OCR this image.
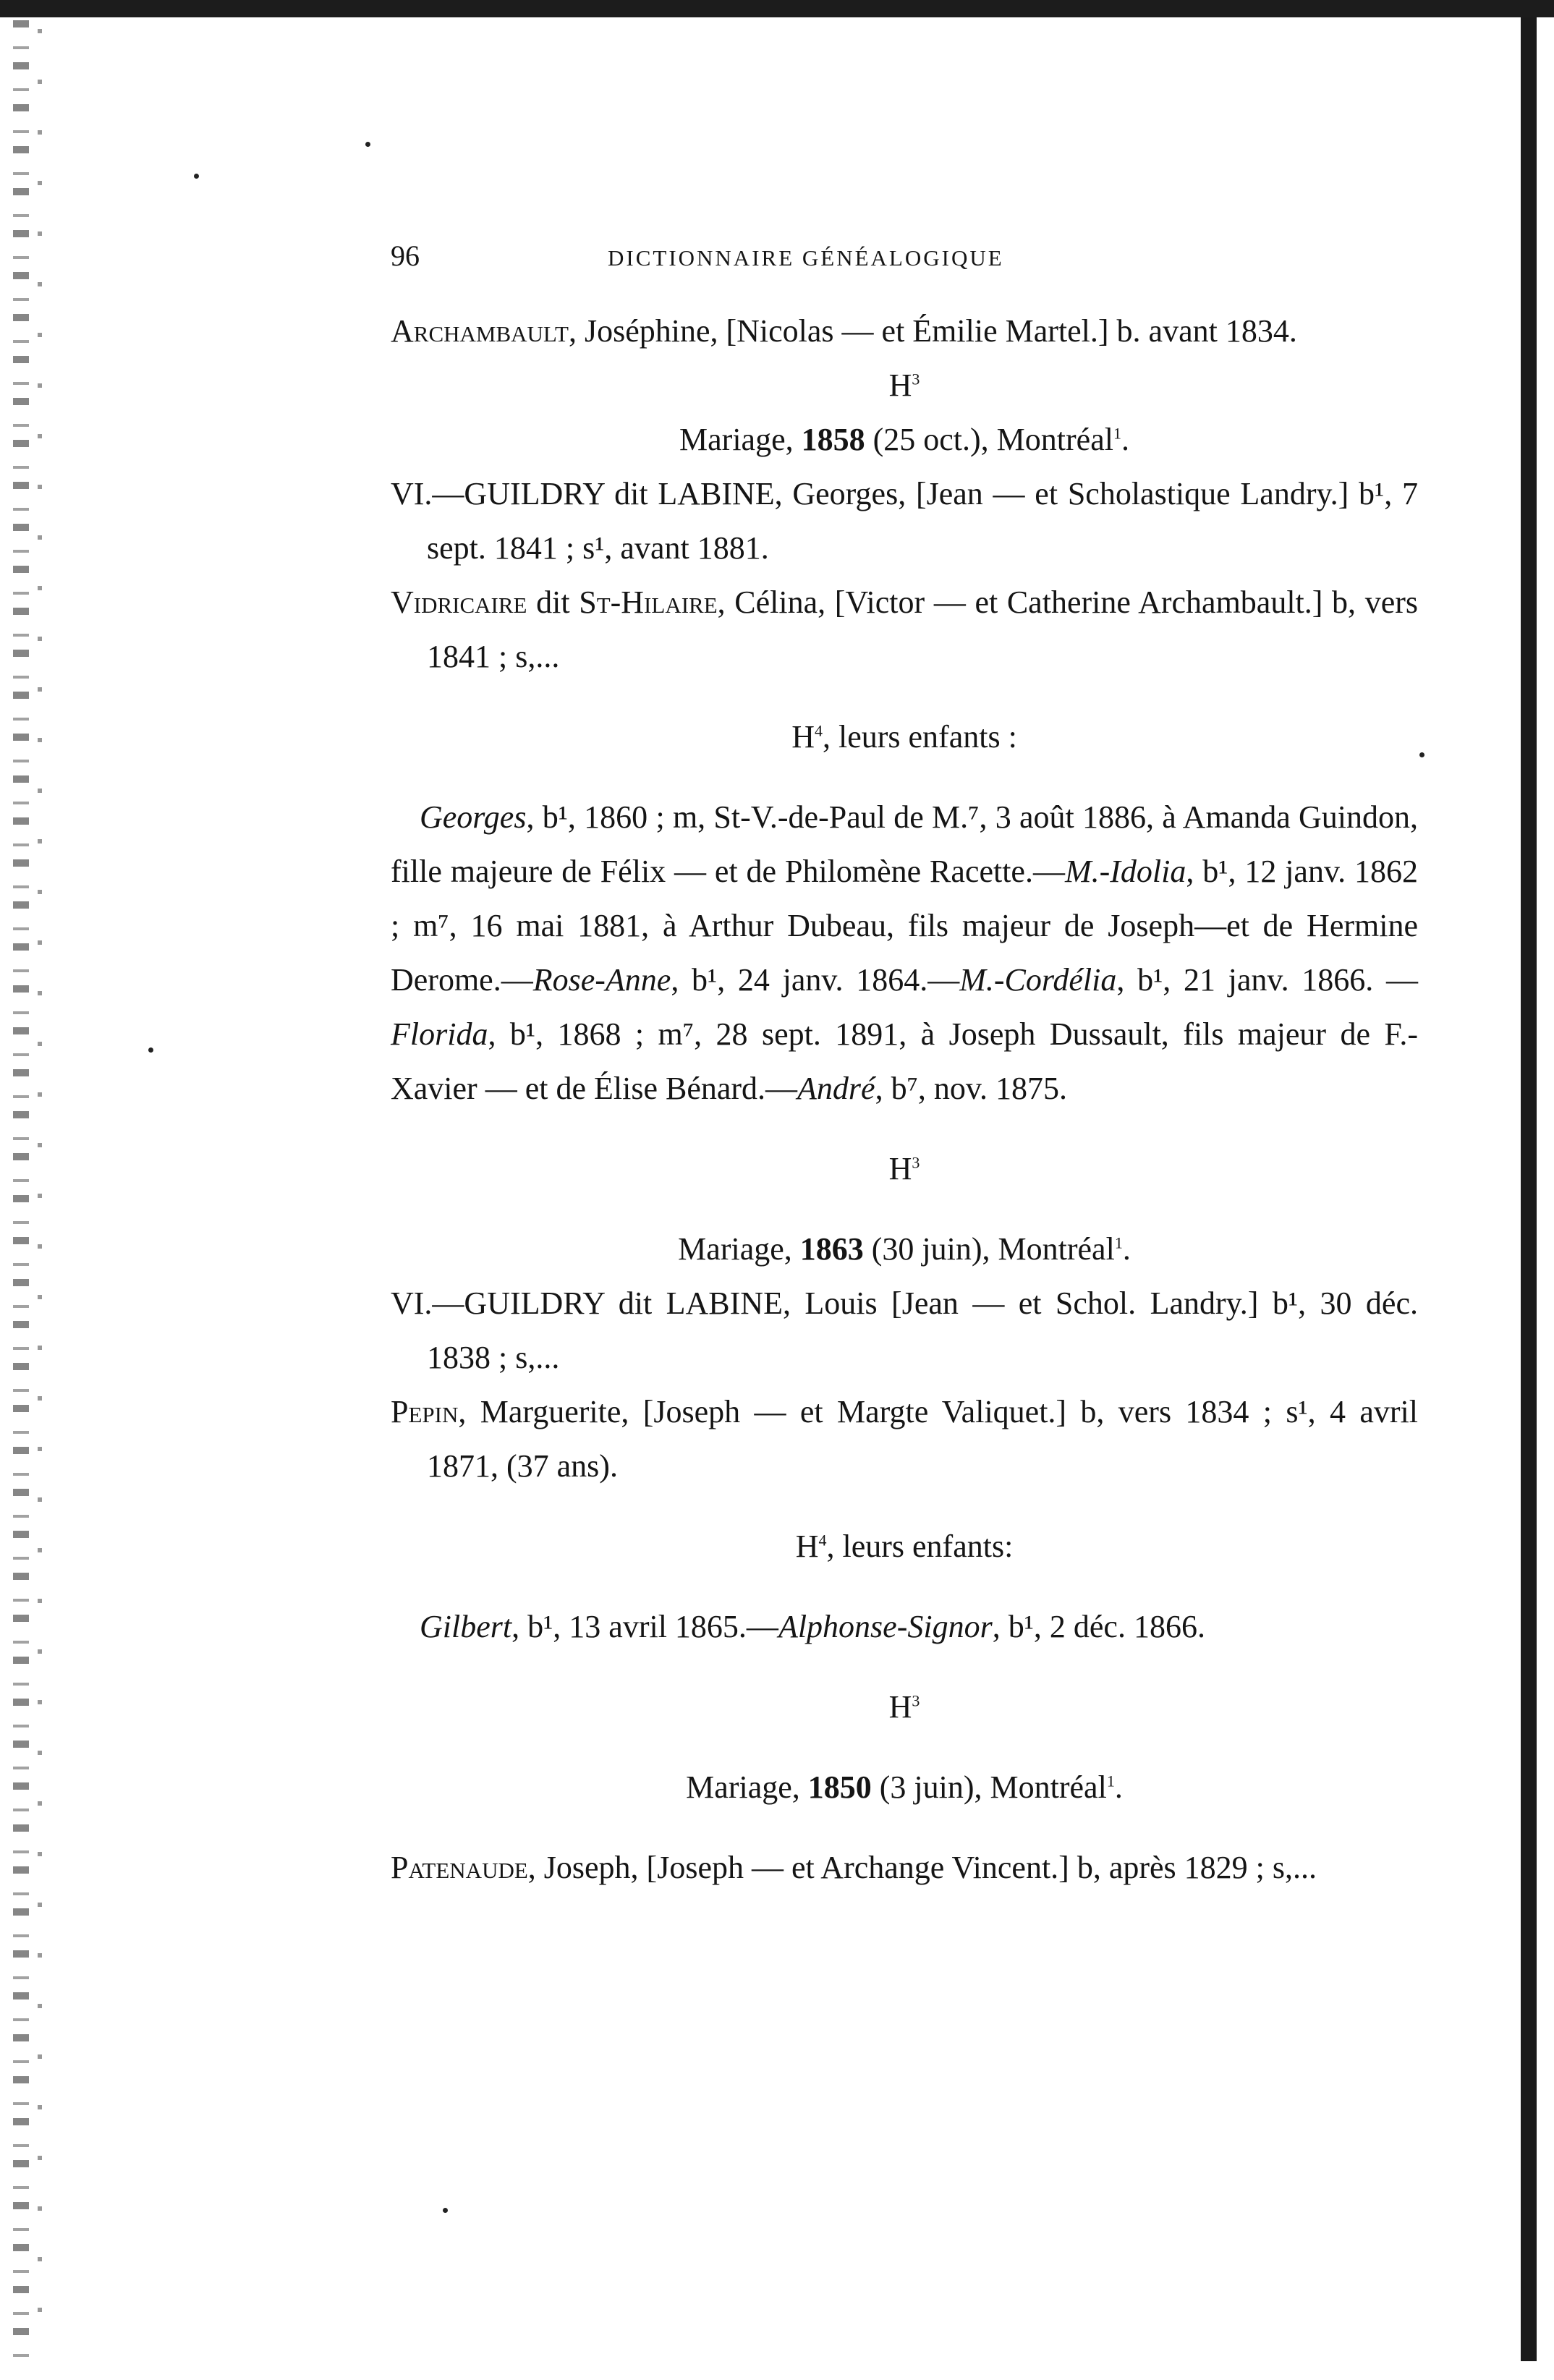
96	DICTIONNAIRE GÉNÉALOGIQUE

Archambault, Joséphine, [Nicolas — et Émilie Martel.] b. avant 1834.

$H^3$

Mariage, 1858 (25 oct.), Montréal$^1$.

VI.—GUILDRY dit LABINE, Georges, [Jean — et Scholastique Landry.] b¹, 7 sept. 1841 ; s¹, avant 1881.

Vidricaire dit St-Hilaire, Célina, [Victor — et Catherine Archambault.] b, vers 1841 ; s,...

$H^4$, leurs enfants :

Georges, b¹, 1860 ; m, St-V.-de-Paul de M.⁷, 3 août 1886, à Amanda Guindon, fille majeure de Félix — et de Philomène Racette.—M.-Idolia, b¹, 12 janv. 1862 ; m⁷, 16 mai 1881, à Arthur Dubeau, fils majeur de Joseph—et de Hermine Derome.—Rose-Anne, b¹, 24 janv. 1864.—M.-Cordélia, b¹, 21 janv. 1866. —Florida, b¹, 1868 ; m⁷, 28 sept. 1891, à Joseph Dussault, fils majeur de F.-Xavier — et de Élise Bénard.—André, b⁷, nov. 1875.

$H^3$

Mariage, 1863 (30 juin), Montréal$^1$.

VI.—GUILDRY dit LABINE, Louis [Jean — et Schol. Landry.] b¹, 30 déc. 1838 ; s,...

Pepin, Marguerite, [Joseph — et Margte Valiquet.] b, vers 1834 ; s¹, 4 avril 1871, (37 ans).

$H^4$, leurs enfants:

Gilbert, b¹, 13 avril 1865.—Alphonse-Signor, b¹, 2 déc. 1866.

$H^3$

Mariage, 1850 (3 juin), Montréal$^1$.

Patenaude, Joseph, [Joseph — et Archange Vincent.] b, après 1829 ; s,...
